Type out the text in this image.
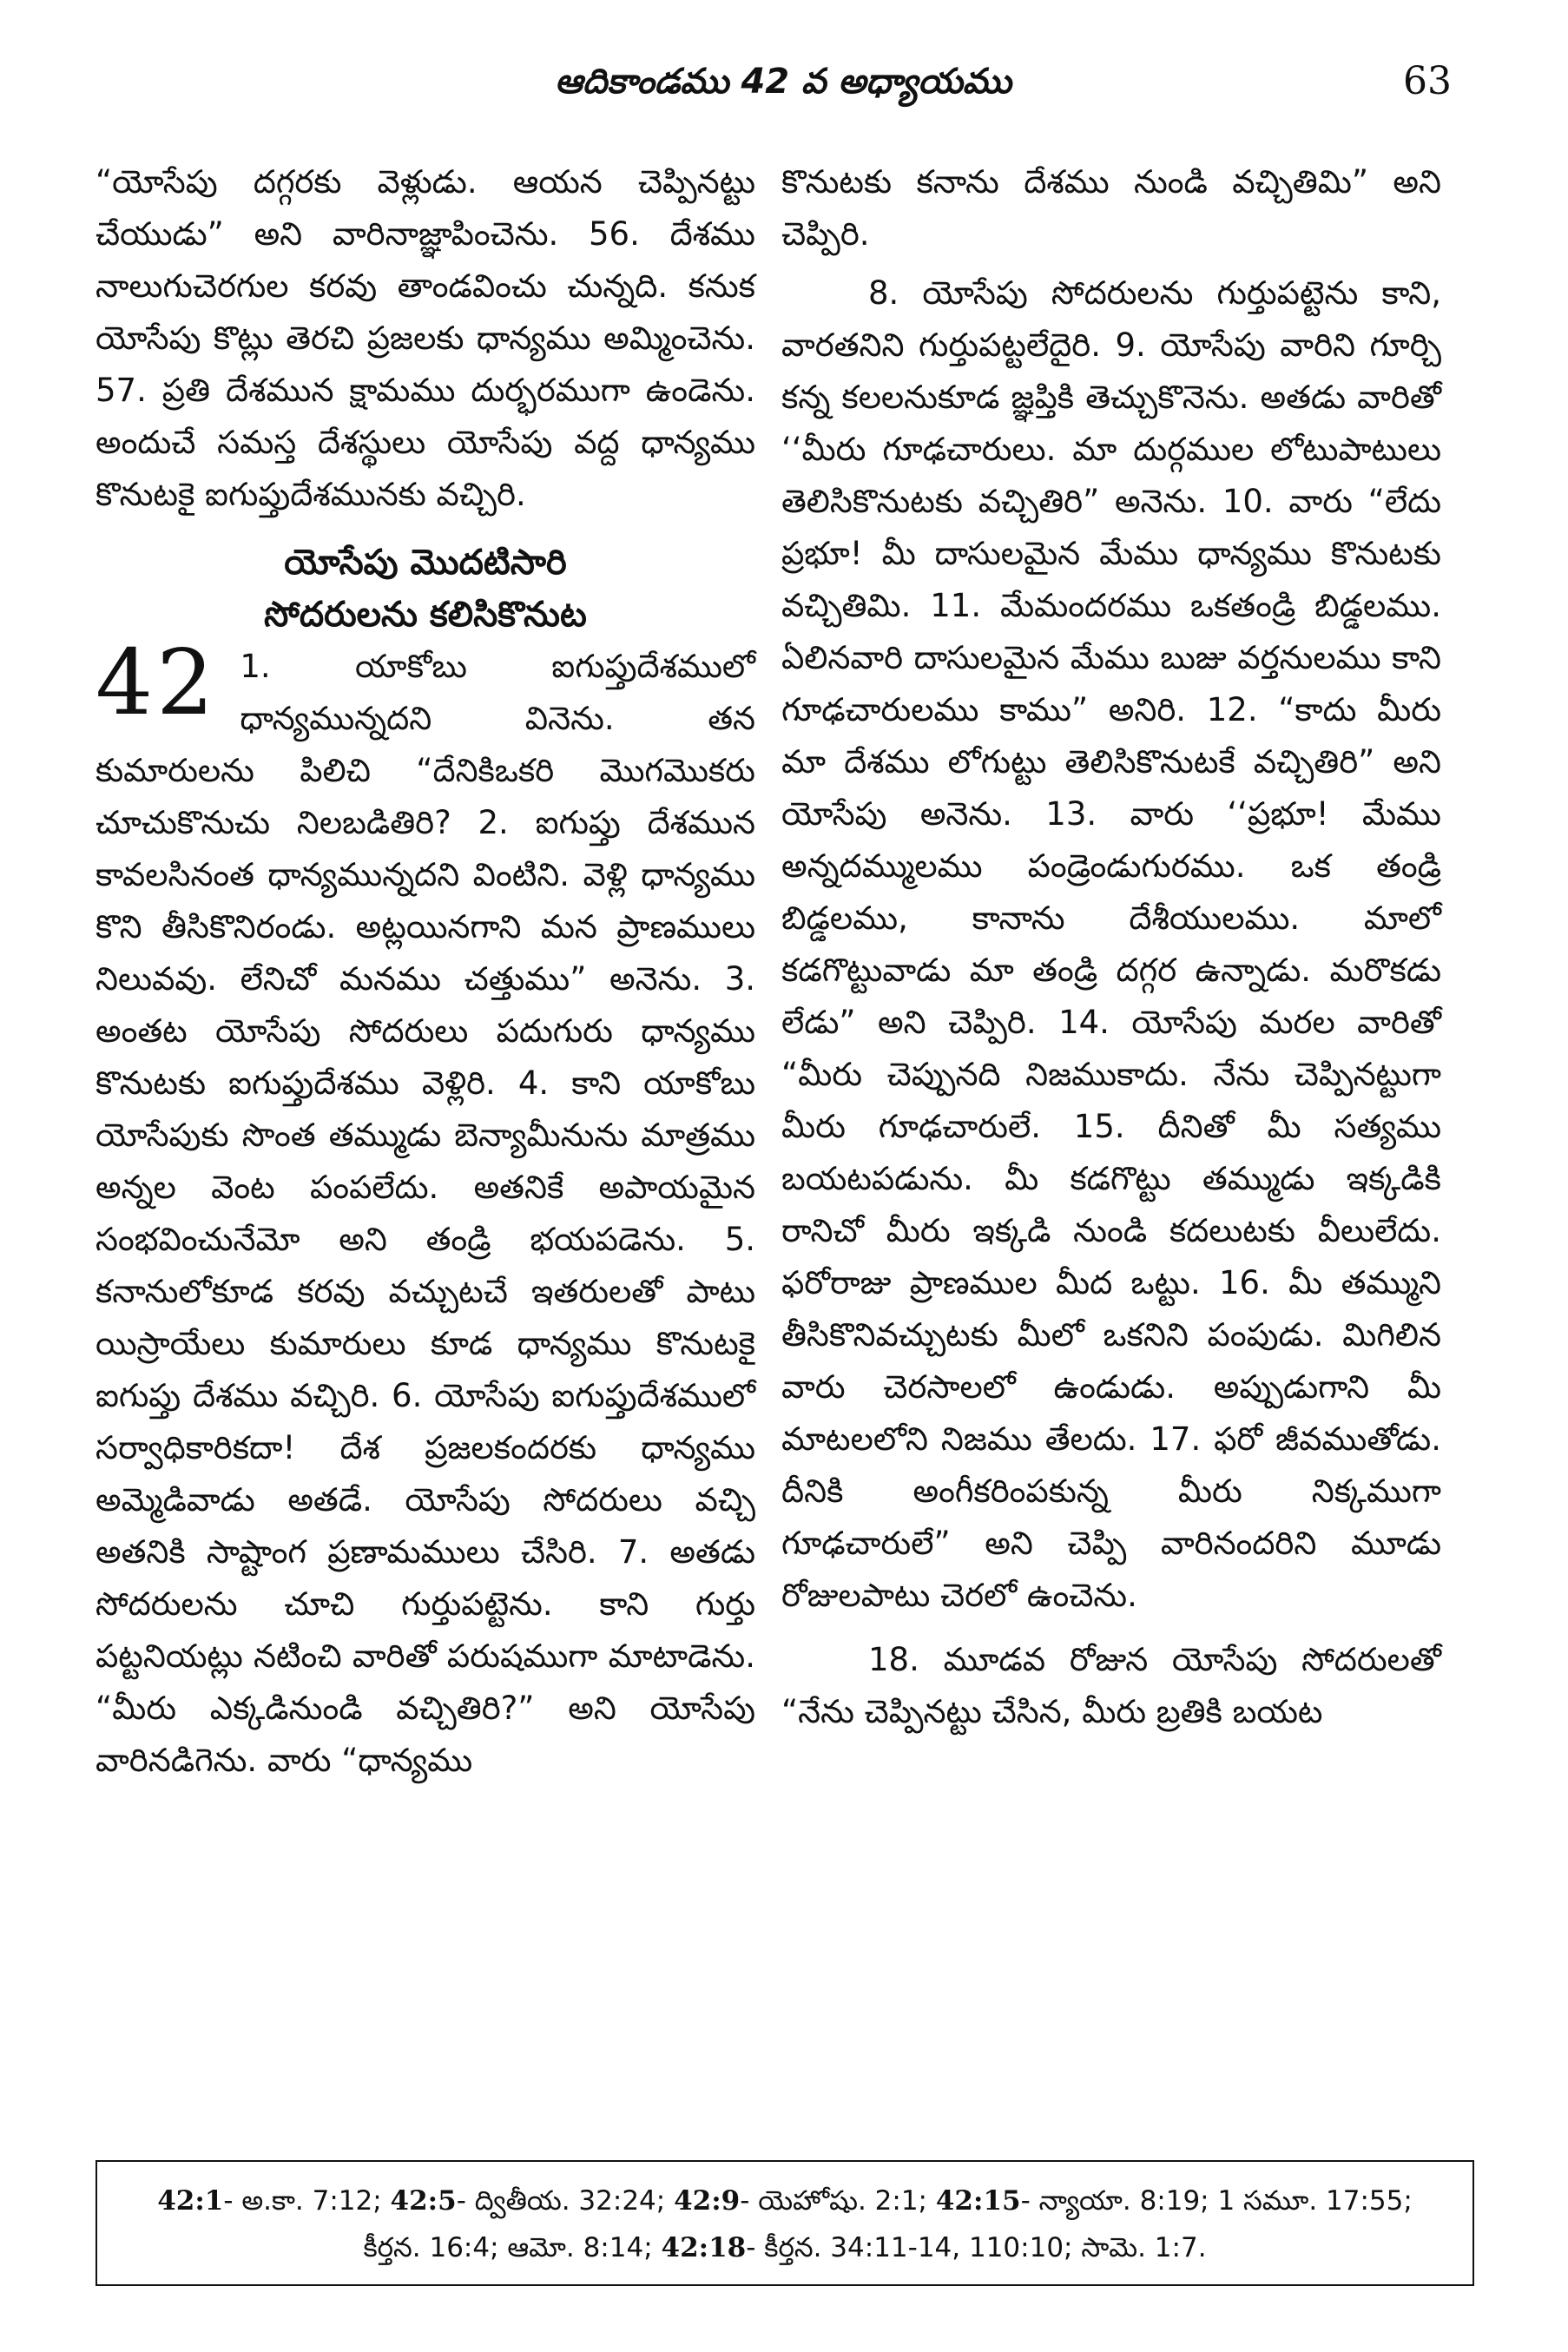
ఆదికాండము 42 వ అధ్యాయము	63

“యోసేపు దగ్గరకు వెళ్లుడు. ఆయన చెప్పినట్టు చేయుడు” అని వారినాజ్ఞాపించెను. 56. దేశము నాలుగుచెరగుల కరవు తాండవించు చున్నది. కనుక యోసేపు కొట్లు తెరచి ప్రజలకు ధాన్యము అమ్మించెను. 57. ప్రతి దేశమున క్షామము దుర్భరముగా ఉండెను. అందుచే సమస్త దేశస్థులు యోసేపు వద్ద ధాన్యము కొనుటకై ఐగుప్తుదేశమునకు వచ్చిరి.

యోసేపు మొదటిసారి
సోదరులను కలిసికొనుట

42 1. యాకోబు ఐగుప్తుదేశములో ధాన్యమున్నదని వినెను. తన కుమారులను పిలిచి “దేనికిఒకరి మొగమొకరు చూచుకొనుచు నిలబడితిరి? 2. ఐగుప్తు దేశమున కావలసినంత ధాన్యమున్నదని వింటిని. వెళ్లి ధాన్యము కొని తీసికొనిరండు. అట్లయినగాని మన ప్రాణములు నిలువవు. లేనిచో మనము చత్తుము” అనెను. 3. అంతట యోసేపు సోదరులు పదుగురు ధాన్యము కొనుటకు ఐగుప్తుదేశము వెళ్లిరి. 4. కాని యాకోబు యోసేపుకు సొంత తమ్ముడు బెన్యామీనును మాత్రము అన్నల వెంట పంపలేదు. అతనికే అపాయమైన సంభవించునేమో అని తండ్రి భయపడెను. 5. కనానులోకూడ కరవు వచ్చుటచే ఇతరులతో పాటు యిస్రాయేలు కుమారులు కూడ ధాన్యము కొనుటకై ఐగుప్తు దేశము వచ్చిరి. 6. యోసేపు ఐగుప్తుదేశములో సర్వాధికారికదా! దేశ ప్రజలకందరకు ధాన్యము అమ్మెడివాడు అతడే. యోసేపు సోదరులు వచ్చి అతనికి సాష్టాంగ ప్రణామములు చేసిరి. 7. అతడు సోదరులను చూచి గుర్తుపట్టెను. కాని గుర్తు పట్టనియట్లు నటించి వారితో పరుషముగా మాటాడెను. “మీరు ఎక్కడినుండి వచ్చితిరి?” అని యోసేపు వారినడిగెను. వారు “ధాన్యము

కొనుటకు కనాను దేశము నుండి వచ్చితిమి” అని చెప్పిరి.

8. యోసేపు సోదరులను గుర్తుపట్టెను కాని, వారతనిని గుర్తుపట్టలేదైరి. 9. యోసేపు వారిని గూర్చి కన్న కలలనుకూడ జ్ఞప్తికి తెచ్చుకొనెను. అతడు వారితో ‘‘మీరు గూఢచారులు. మా దుర్గముల లోటుపాటులు తెలిసికొనుటకు వచ్చితిరి” అనెను. 10. వారు “లేదు ప్రభూ! మీ దాసులమైన మేము ధాన్యము కొనుటకు వచ్చితిమి. 11. మేమందరము ఒకతండ్రి బిడ్డలము. ఏలినవారి దాసులమైన మేము బుజు వర్తనులము కాని గూఢచారులము కాము” అనిరి. 12. “కాదు మీరు మా దేశము లోగుట్టు తెలిసికొనుటకే వచ్చితిరి” అని యోసేపు అనెను. 13. వారు ‘‘ప్రభూ! మేము అన్నదమ్ములము పండ్రెండుగురము. ఒక తండ్రి బిడ్డలము, కానాను దేశీయులము. మాలో కడగొట్టువాడు మా తండ్రి దగ్గర ఉన్నాడు. మరొకడు లేడు” అని చెప్పిరి. 14. యోసేపు మరల వారితో “మీరు చెప్పునది నిజముకాదు. నేను చెప్పినట్టుగా మీరు గూఢచారులే. 15. దీనితో మీ సత్యము బయటపడును. మీ కడగొట్టు తమ్ముడు ఇక్కడికి రానిచో మీరు ఇక్కడి నుండి కదలుటకు వీలులేదు. ఫరోరాజు ప్రాణముల మీద ఒట్టు. 16. మీ తమ్ముని తీసికొనివచ్చుటకు మీలో ఒకనిని పంపుడు. మిగిలిన వారు చెరసాలలో ఉండుడు. అప్పుడుగాని మీ మాటలలోని నిజము తేలదు. 17. ఫరో జీవముతోడు. దీనికి అంగీకరింపకున్న మీరు నిక్కముగా గూఢచారులే” అని చెప్పి వారినందరిని మూడు రోజులపాటు చెరలో ఉంచెను.

18. మూడవ రోజున యోసేపు సోదరులతో “నేను చెప్పినట్టు చేసిన, మీరు బ్రతికి బయట

42:1- అ.కా. 7:12; 42:5- ద్వితీయ. 32:24; 42:9- యెహోషు. 2:1; 42:15- న్యాయా. 8:19; 1 సమూ. 17:55; కీర్తన. 16:4; ఆమో. 8:14; 42:18- కీర్తన. 34:11-14, 110:10; సామె. 1:7.
